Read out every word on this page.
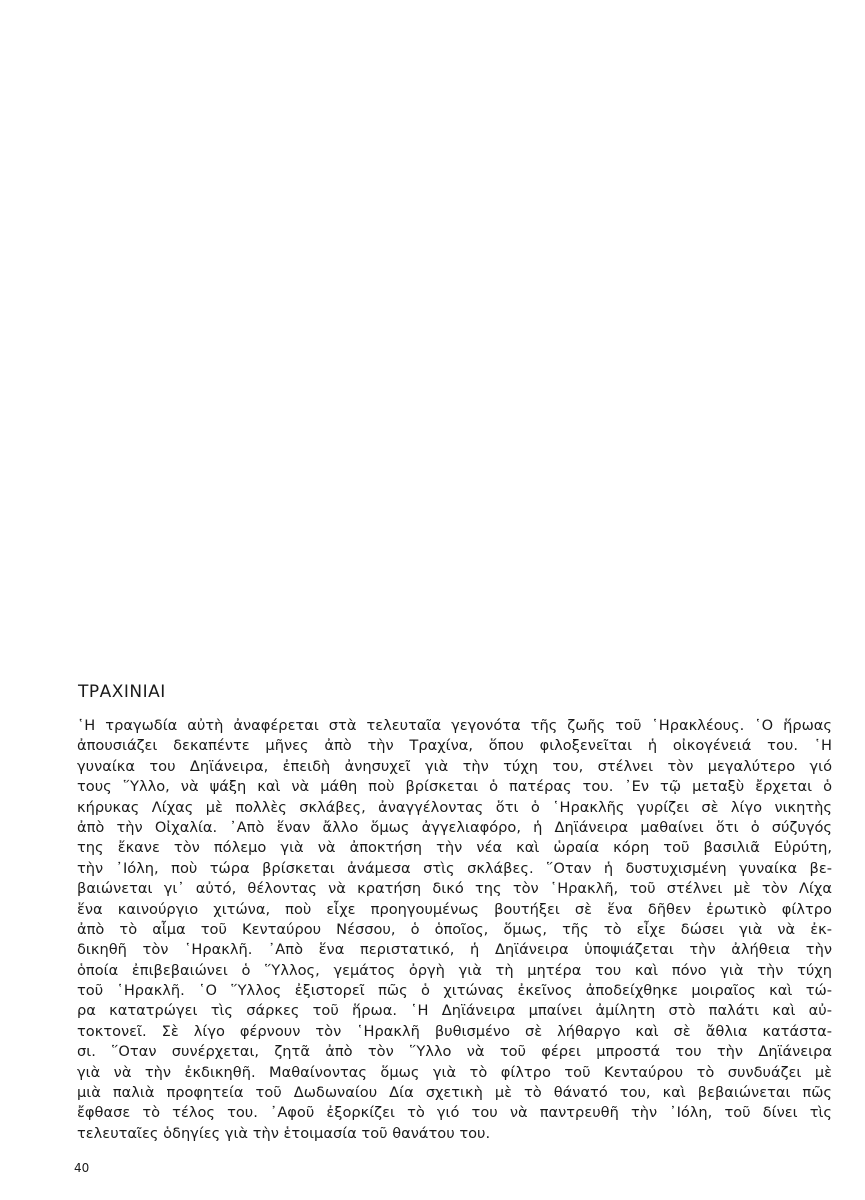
ΤΡΑΧΙΝΙΑΙ
῾Η τραγωδία αὐτὴ ἀναφέρεται στὰ τελευταῖα γεγονότα τῆς ζωῆς τοῦ ῾Ηρακλέους. ῾Ο ἥρωας
ἀπουσιάζει δεκαπέντε μῆνες ἀπὸ τὴν Τραχίνα, ὅπου φιλοξενεῖται ἡ οἰκογένειά του. ῾Η
γυναίκα του Δηϊάνειρα, ἐπειδὴ ἀνησυχεῖ γιὰ τὴν τύχη του, στέλνει τὸν μεγαλύτερο γιό
τους ῞Υλλο, νὰ ψάξη καὶ νὰ μάθη ποὺ βρίσκεται ὁ πατέρας του. ᾿Εν τῷ μεταξὺ ἔρχεται ὁ
κήρυκας Λίχας μὲ πολλὲς σκλάβες, ἀναγγέλοντας ὅτι ὁ ῾Ηρακλῆς γυρίζει σὲ λίγο νικητὴς
ἀπὸ τὴν Οἰχαλία. ᾿Απὸ ἕναν ἄλλο ὅμως ἀγγελιαφόρο, ἡ Δηϊάνειρα μαθαίνει ὅτι ὁ σύζυγός
της ἔκανε τὸν πόλεμο γιὰ νὰ ἀποκτήση τὴν νέα καὶ ὡραία κόρη τοῦ βασιλιᾶ Εὐρύτη,
τὴν ᾿Ιόλη, ποὺ τώρα βρίσκεται ἀνάμεσα στὶς σκλάβες. ῞Οταν ἡ δυστυχισμένη γυναίκα βε-
βαιώνεται γι᾿ αὐτό, θέλοντας νὰ κρατήση δικό της τὸν ῾Ηρακλῆ, τοῦ στέλνει μὲ τὸν Λίχα
ἕνα καινούργιο χιτώνα, ποὺ εἶχε προηγουμένως βουτήξει σὲ ἕνα δῆθεν ἐρωτικὸ φίλτρο
ἀπὸ τὸ αἷμα τοῦ Κενταύρου Νέσσου, ὁ ὁποῖος, ὅμως, τῆς τὸ εἶχε δώσει γιὰ νὰ ἐκ-
δικηθῆ τὸν ῾Ηρακλῆ. ᾿Απὸ ἕνα περιστατικό, ἡ Δηϊάνειρα ὑποψιάζεται τὴν ἀλήθεια τὴν
ὁποία ἐπιβεβαιώνει ὁ ῞Υλλος, γεμάτος ὀργὴ γιὰ τὴ μητέρα του καὶ πόνο γιὰ τὴν τύχη
τοῦ ῾Ηρακλῆ. ῾Ο ῞Υλλος ἐξιστορεῖ πῶς ὁ χιτώνας ἐκεῖνος ἀποδείχθηκε μοιραῖος καὶ τώ-
ρα κατατρώγει τὶς σάρκες τοῦ ἥρωα. ῾Η Δηϊάνειρα μπαίνει ἀμίλητη στὸ παλάτι καὶ αὐ-
τοκτονεῖ. Σὲ λίγο φέρνουν τὸν ῾Ηρακλῆ βυθισμένο σὲ λήθαργο καὶ σὲ ἄθλια κατάστα-
σι. ῞Οταν συνέρχεται, ζητᾶ ἀπὸ τὸν ῞Υλλο νὰ τοῦ φέρει μπροστά του τὴν Δηϊάνειρα
γιὰ νὰ τὴν ἐκδικηθῆ. Μαθαίνοντας ὅμως γιὰ τὸ φίλτρο τοῦ Κενταύρου τὸ συνδυάζει μὲ
μιὰ παλιὰ προφητεία τοῦ Δωδωναίου Δία σχετικὴ μὲ τὸ θάνατό του, καὶ βεβαιώνεται πῶς
ἔφθασε τὸ τέλος του. ᾿Αφοῦ ἐξορκίζει τὸ γιό του νὰ παντρευθῆ τὴν ᾿Ιόλη, τοῦ δίνει τὶς
τελευταῖες ὁδηγίες γιὰ τὴν ἑτοιμασία τοῦ θανάτου του.
40
